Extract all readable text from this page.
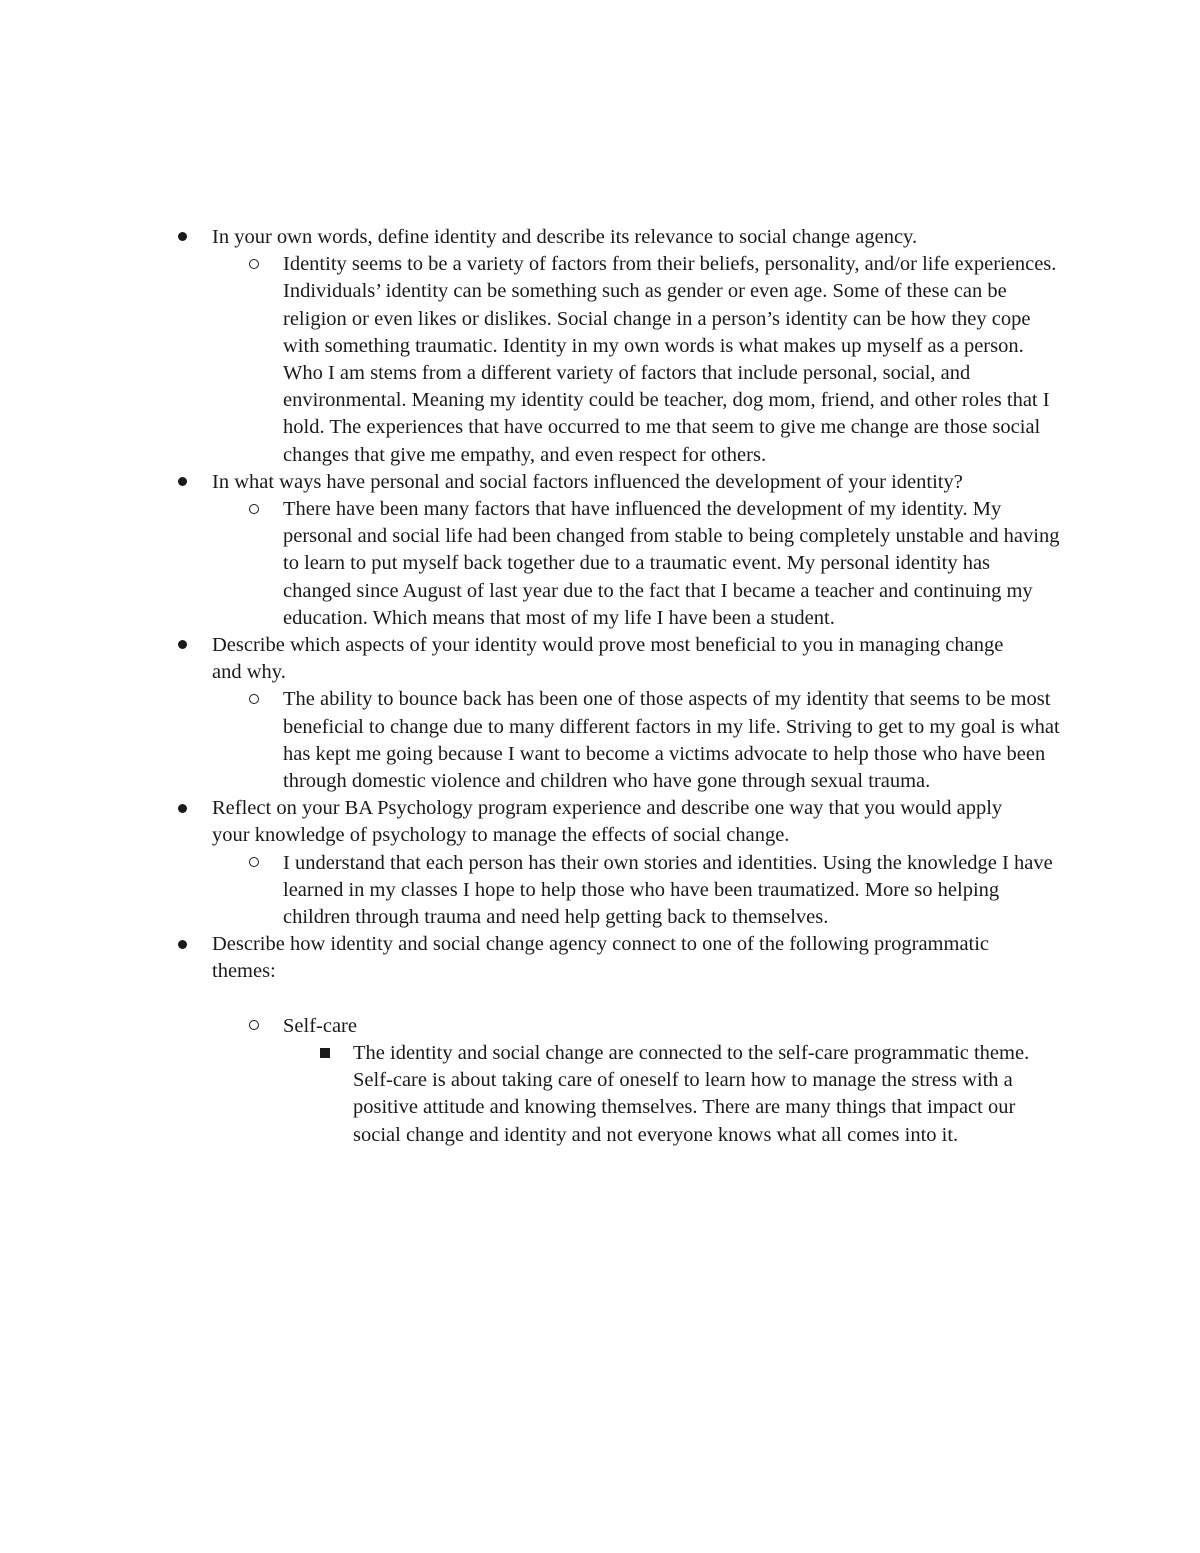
In your own words, define identity and describe its relevance to social change agency.
Identity seems to be a variety of factors from their beliefs, personality, and/or life experiences. Individuals’ identity can be something such as gender or even age. Some of these can be religion or even likes or dislikes. Social change in a person’s identity can be how they cope with something traumatic. Identity in my own words is what makes up myself as a person. Who I am stems from a different variety of factors that include personal, social, and environmental. Meaning my identity could be teacher, dog mom, friend, and other roles that I hold. The experiences that have occurred to me that seem to give me change are those social changes that give me empathy, and even respect for others.
In what ways have personal and social factors influenced the development of your identity?
There have been many factors that have influenced the development of my identity. My personal and social life had been changed from stable to being completely unstable and having to learn to put myself back together due to a traumatic event. My personal identity has changed since August of last year due to the fact that I became a teacher and continuing my education. Which means that most of my life I have been a student.
Describe which aspects of your identity would prove most beneficial to you in managing change and why.
The ability to bounce back has been one of those aspects of my identity that seems to be most beneficial to change due to many different factors in my life. Striving to get to my goal is what has kept me going because I want to become a victims advocate to help those who have been through domestic violence and children who have gone through sexual trauma.
Reflect on your BA Psychology program experience and describe one way that you would apply your knowledge of psychology to manage the effects of social change.
I understand that each person has their own stories and identities. Using the knowledge I have learned in my classes I hope to help those who have been traumatized. More so helping children through trauma and need help getting back to themselves.
Describe how identity and social change agency connect to one of the following programmatic themes:
Self-care
The identity and social change are connected to the self-care programmatic theme. Self-care is about taking care of oneself to learn how to manage the stress with a positive attitude and knowing themselves. There are many things that impact our social change and identity and not everyone knows what all comes into it.
